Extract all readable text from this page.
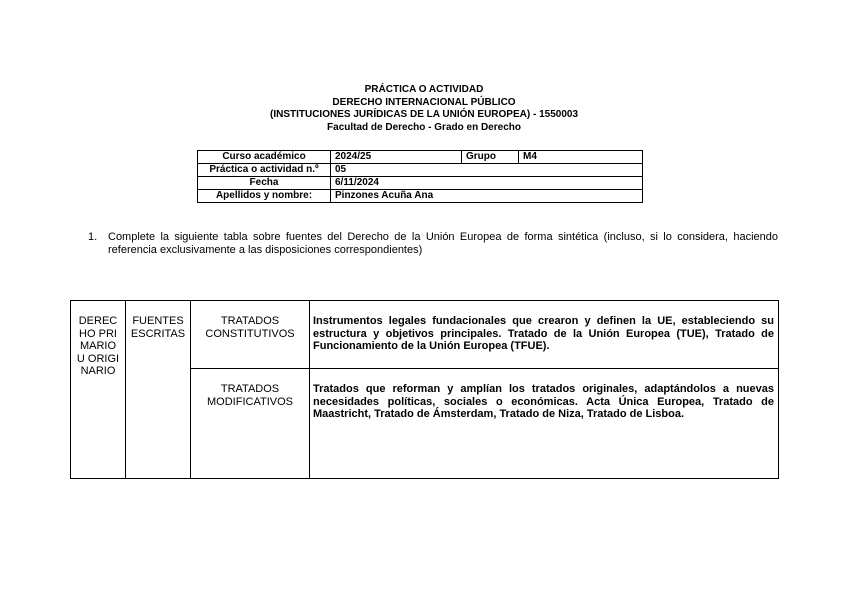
PRÁCTICA O ACTIVIDAD
DERECHO INTERNACIONAL PÚBLICO
(INSTITUCIONES JURÍDICAS DE LA UNIÓN EUROPEA) - 1550003
Facultad de Derecho - Grado en Derecho
Curso académico	2024/25	Grupo	M4
Práctica o actividad n.º	05		
Fecha	6/11/2024		
Apellidos y nombre:	Pinzones Acuña Ana		
1. Complete la siguiente tabla sobre fuentes del Derecho de la Unión Europea de forma sintética (incluso, si lo considera, haciendo referencia exclusivamente a las disposiciones correspondientes)
DERECHO PRIMARIO U ORIGINARIO	FUENTES ESCRITAS	TRATADOS CONSTITUTIVOS	Instrumentos legales fundacionales que crearon y definen la UE, estableciendo su estructura y objetivos principales. Tratado de la Unión Europea (TUE), Tratado de Funcionamiento de la Unión Europea (TFUE).
		TRATADOS MODIFICATIVOS	Tratados que reforman y amplían los tratados originales, adaptándolos a nuevas necesidades políticas, sociales o económicas. Acta Única Europea, Tratado de Maastricht, Tratado de Ámsterdam, Tratado de Niza, Tratado de Lisboa.
